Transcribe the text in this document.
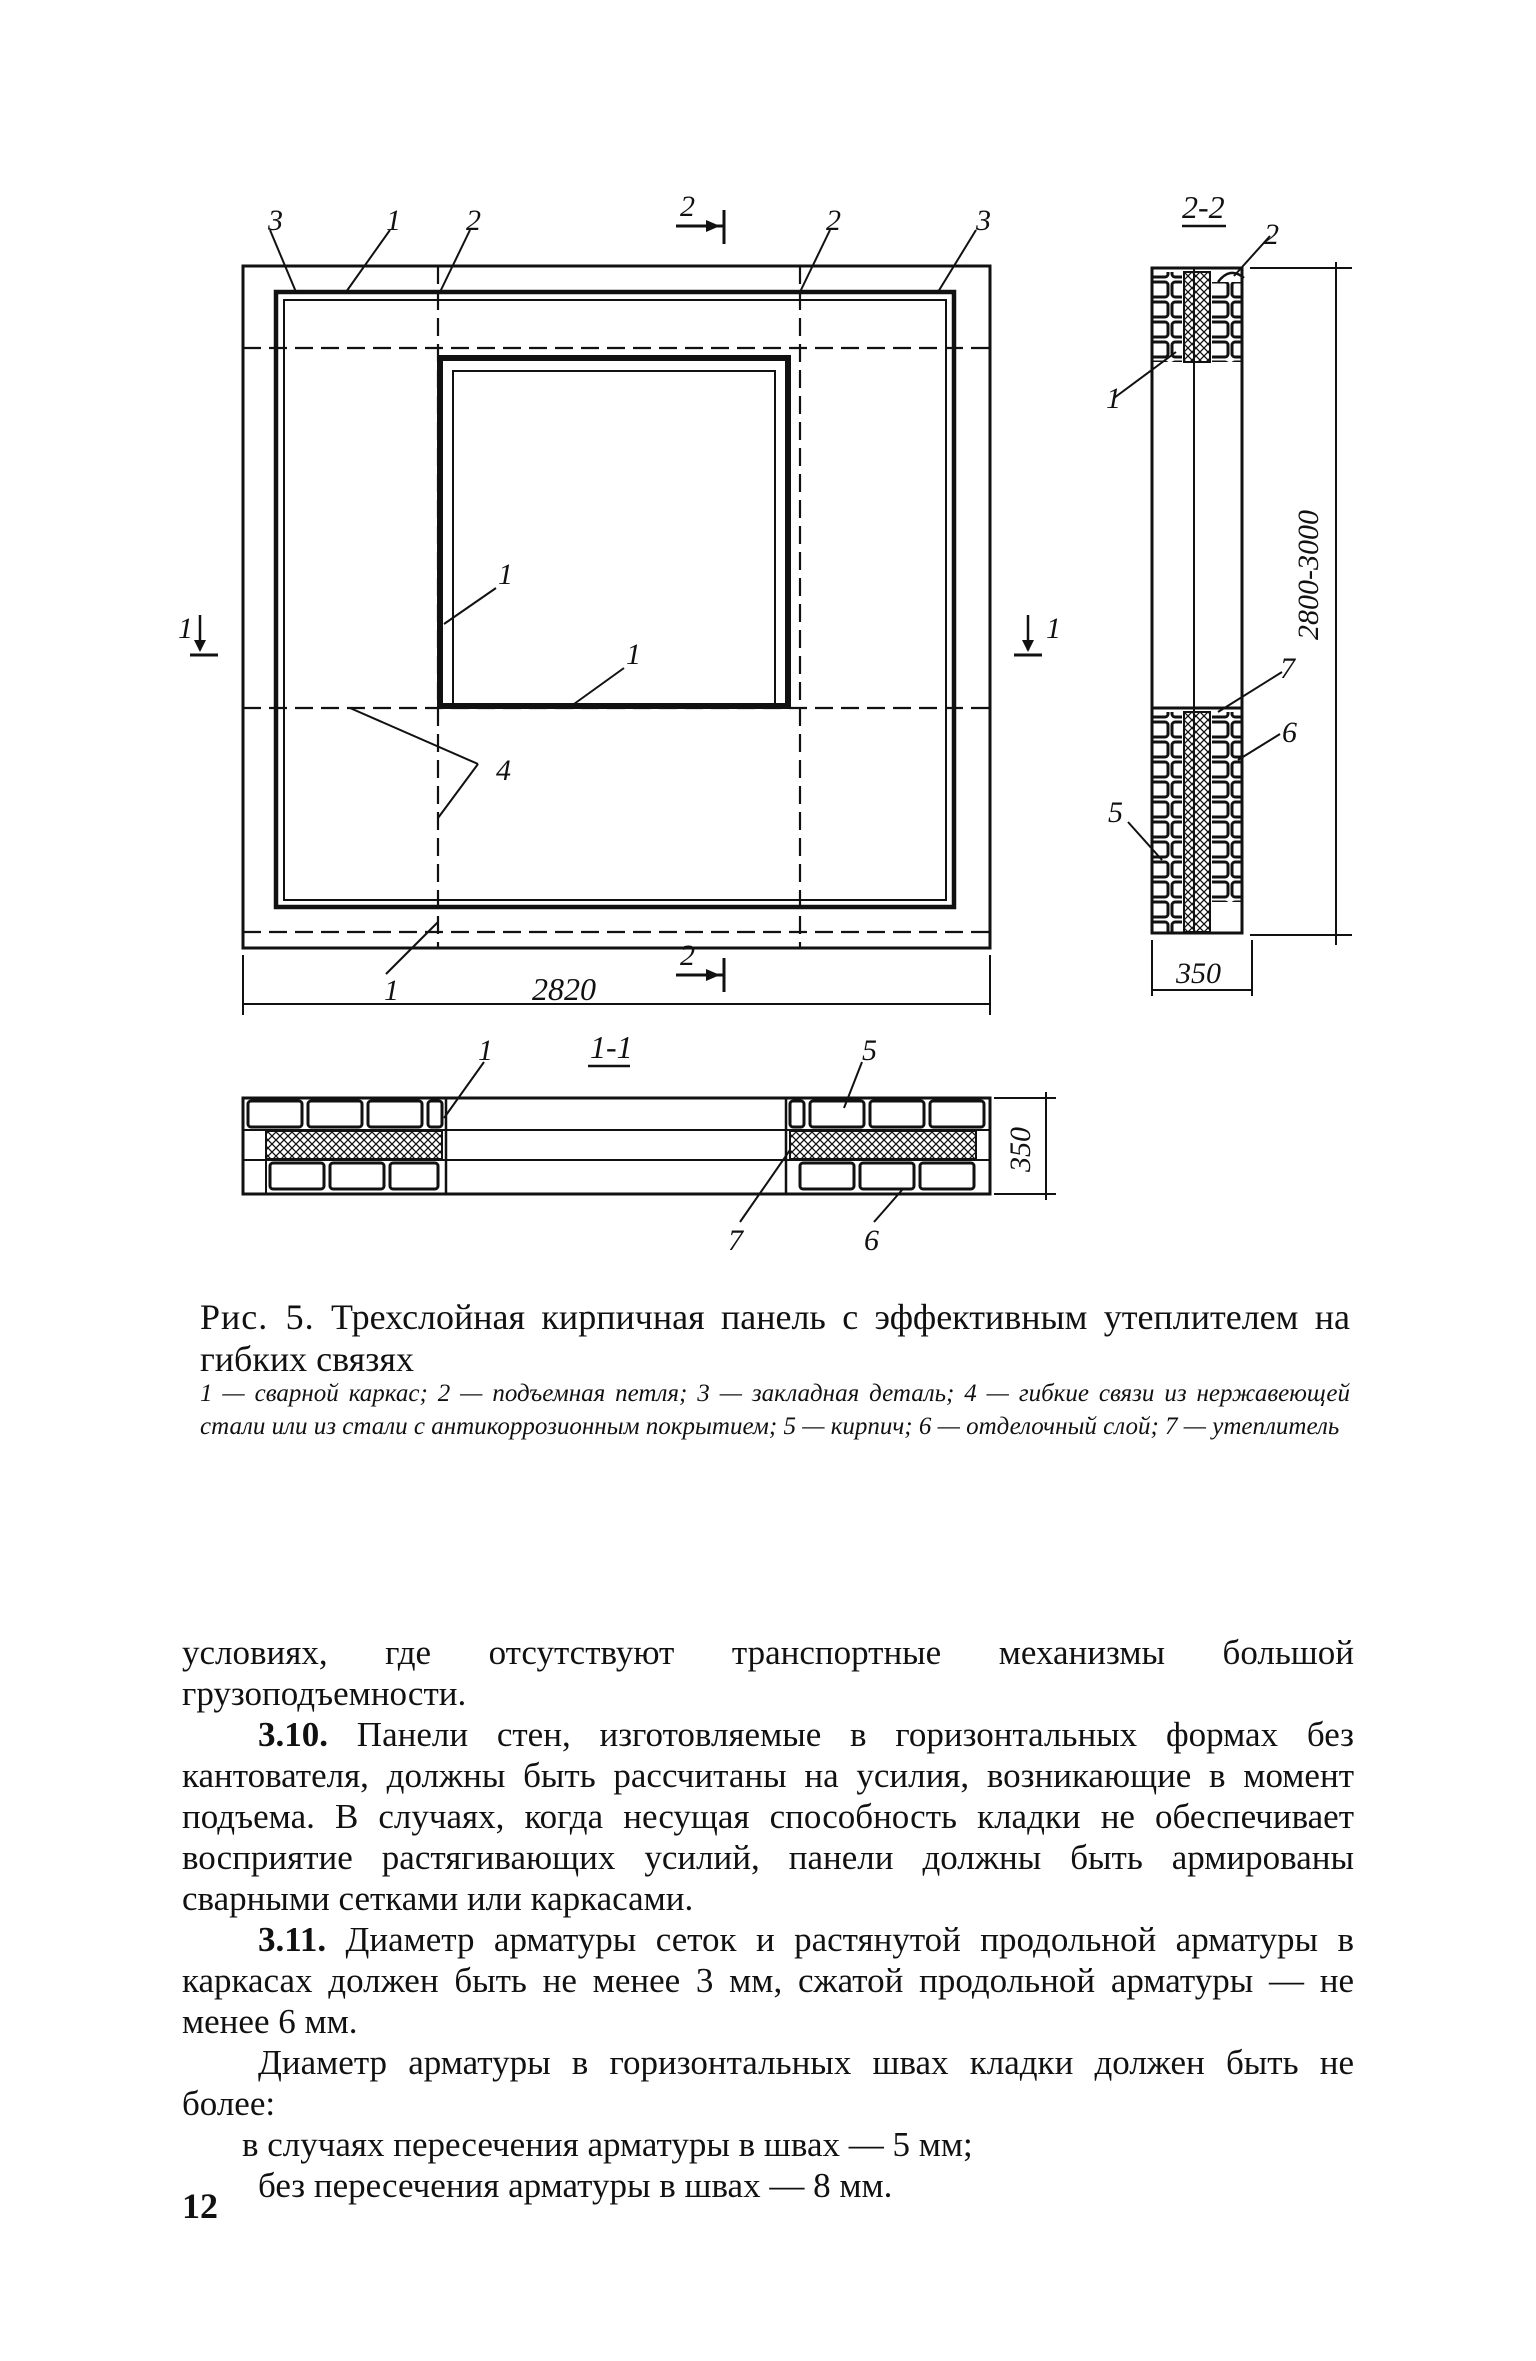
3	1 2	2	2	3
1
1
4
1	1
1
2
2820
2-2
2
1
2800-3000
7
6
5
350
1-1
1	5
7	6
350
Рис. 5. Трехслойная кирпичная панель с эффективным утеплителем на гибких связях
1 — сварной каркас; 2 — подъемная петля; 3 — закладная деталь; 4 — гибкие связи из нержавеющей стали или из стали с антикоррозионным покрытием; 5 — кирпич; 6 — отделочный слой; 7 — утеплитель

условиях, где отсутствуют транспортные механизмы большой грузоподъемности.

3.10. Панели стен, изготовляемые в горизонтальных формах без кантователя, должны быть рассчитаны на усилия, возникающие в момент подъема. В случаях, когда несущая способность кладки не обеспечивает восприятие растягивающих усилий, панели должны быть армированы сварными сетками или каркасами.

3.11. Диаметр арматуры сеток и растянутой продольной арматуры в каркасах должен быть не менее 3 мм, сжатой продольной арматуры — не менее 6 мм.

Диаметр арматуры в горизонтальных швах кладки должен быть не более:

в случаях пересечения арматуры в швах — 5 мм;

без пересечения арматуры в швах — 8 мм.

12
